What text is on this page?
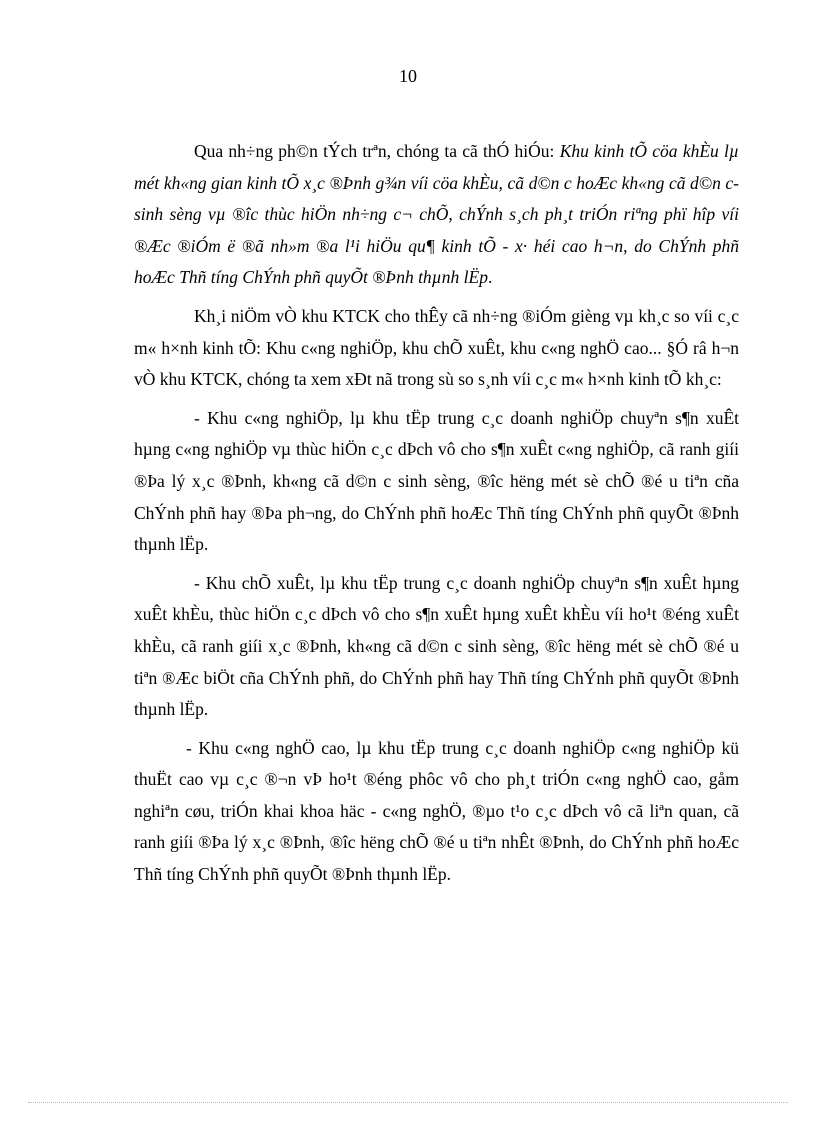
10

Qua nh÷ng ph©n tÝch trªn, chóng ta cã thÓ hiÓu: Khu kinh tÕ cöa khÈu lµ mét kh«ng gian kinh tÕ x¸c ®Þnh g¾n víi cöa khÈu, cã d©n c hoÆc kh«ng cã d©n c sinh sèng vµ ®îc thùc hiÖn nh÷ng c¬ chÕ, chÝnh s¸ch ph¸t triÓn riªng phï hîp víi ®Æc ®iÓm ë ®ã nh»m ®a l¹i hiÖu qu¶ kinh tÕ - x· héi cao h¬n, do ChÝnh phñ hoÆc Thñ tíng ChÝnh phñ quyÕt ®Þnh thµnh lËp.

Kh¸i niÖm vÒ khu KTCK cho thÊy cã nh÷ng ®iÓm gièng vµ kh¸c so víi c¸c m« h×nh kinh tÕ: Khu c«ng nghiÖp, khu chÕ xuÊt, khu c«ng nghÖ cao... §Ó râ h¬n vÒ khu KTCK, chóng ta xem xÐt nã trong sù so s¸nh víi c¸c m« h×nh kinh tÕ kh¸c:

- Khu c«ng nghiÖp, lµ khu tËp trung c¸c doanh nghiÖp chuyªn s¶n xuÊt hµng c«ng nghiÖp vµ thùc hiÖn c¸c dÞch vô cho s¶n xuÊt c«ng nghiÖp, cã ranh giíi ®Þa lý x¸c ®Þnh, kh«ng cã d©n c sinh sèng, ®îc hëng mét sè chÕ ®é u tiªn cña ChÝnh phñ hay ®Þa ph¬ng, do ChÝnh phñ hoÆc Thñ tíng ChÝnh phñ quyÕt ®Þnh thµnh lËp.

- Khu chÕ xuÊt, lµ khu tËp trung c¸c doanh nghiÖp chuyªn s¶n xuÊt hµng xuÊt khÈu, thùc hiÖn c¸c dÞch vô cho s¶n xuÊt hµng xuÊt khÈu víi ho¹t ®éng xuÊt khÈu, cã ranh giíi x¸c ®Þnh, kh«ng cã d©n c sinh sèng, ®îc hëng mét sè chÕ ®é u tiªn ®Æc biÖt cña ChÝnh phñ, do ChÝnh phñ hay Thñ tíng ChÝnh phñ quyÕt ®Þnh thµnh lËp.

- Khu c«ng nghÖ cao, lµ khu tËp trung c¸c doanh nghiÖp c«ng nghiÖp kü thuËt cao vµ c¸c ®¬n vÞ ho¹t ®éng phôc vô cho ph¸t triÓn c«ng nghÖ cao, gåm nghiªn cøu, triÓn khai khoa häc - c«ng nghÖ, ®µo t¹o c¸c dÞch vô cã liªn quan, cã ranh giíi ®Þa lý x¸c ®Þnh, ®îc hëng chÕ ®é u tiªn nhÊt ®Þnh, do ChÝnh phñ hoÆc Thñ tíng ChÝnh phñ quyÕt ®Þnh thµnh lËp.
